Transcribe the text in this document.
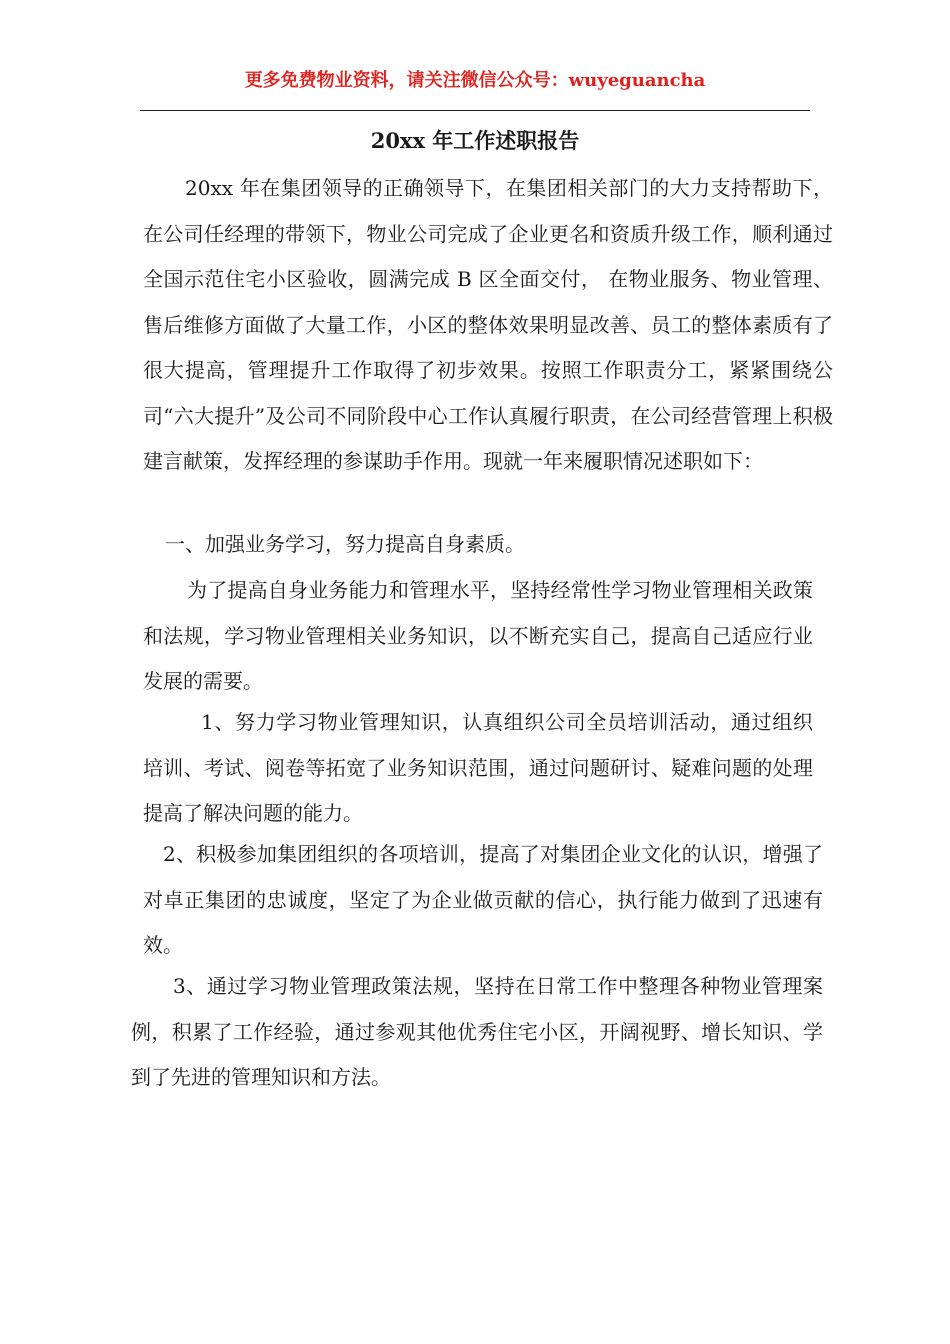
更多免费物业资料，请关注微信公众号：wuyeguancha
20xx 年工作述职报告

20xx 年在集团领导的正确领导下，在集团相关部门的大力支持帮助下，在公司任经理的带领下，物业公司完成了企业更名和资质升级工作，顺利通过全国示范住宅小区验收，圆满完成 B 区全面交付， 在物业服务、物业管理、售后维修方面做了大量工作，小区的整体效果明显改善、员工的整体素质有了很大提高，管理提升工作取得了初步效果。按照工作职责分工，紧紧围绕公司“六大提升”及公司不同阶段中心工作认真履行职责，在公司经营管理上积极建言献策，发挥经理的参谋助手作用。现就一年来履职情况述职如下：

一、加强业务学习，努力提高自身素质。

为了提高自身业务能力和管理水平，坚持经常性学习物业管理相关政策和法规，学习物业管理相关业务知识，以不断充实自己，提高自己适应行业发展的需要。

1、努力学习物业管理知识，认真组织公司全员培训活动，通过组织培训、考试、阅卷等拓宽了业务知识范围，通过问题研讨、疑难问题的处理提高了解决问题的能力。

2、积极参加集团组织的各项培训，提高了对集团企业文化的认识，增强了对卓正集团的忠诚度，坚定了为企业做贡献的信心，执行能力做到了迅速有效。

3、通过学习物业管理政策法规，坚持在日常工作中整理各种物业管理案例，积累了工作经验，通过参观其他优秀住宅小区，开阔视野、增长知识、学到了先进的管理知识和方法。
